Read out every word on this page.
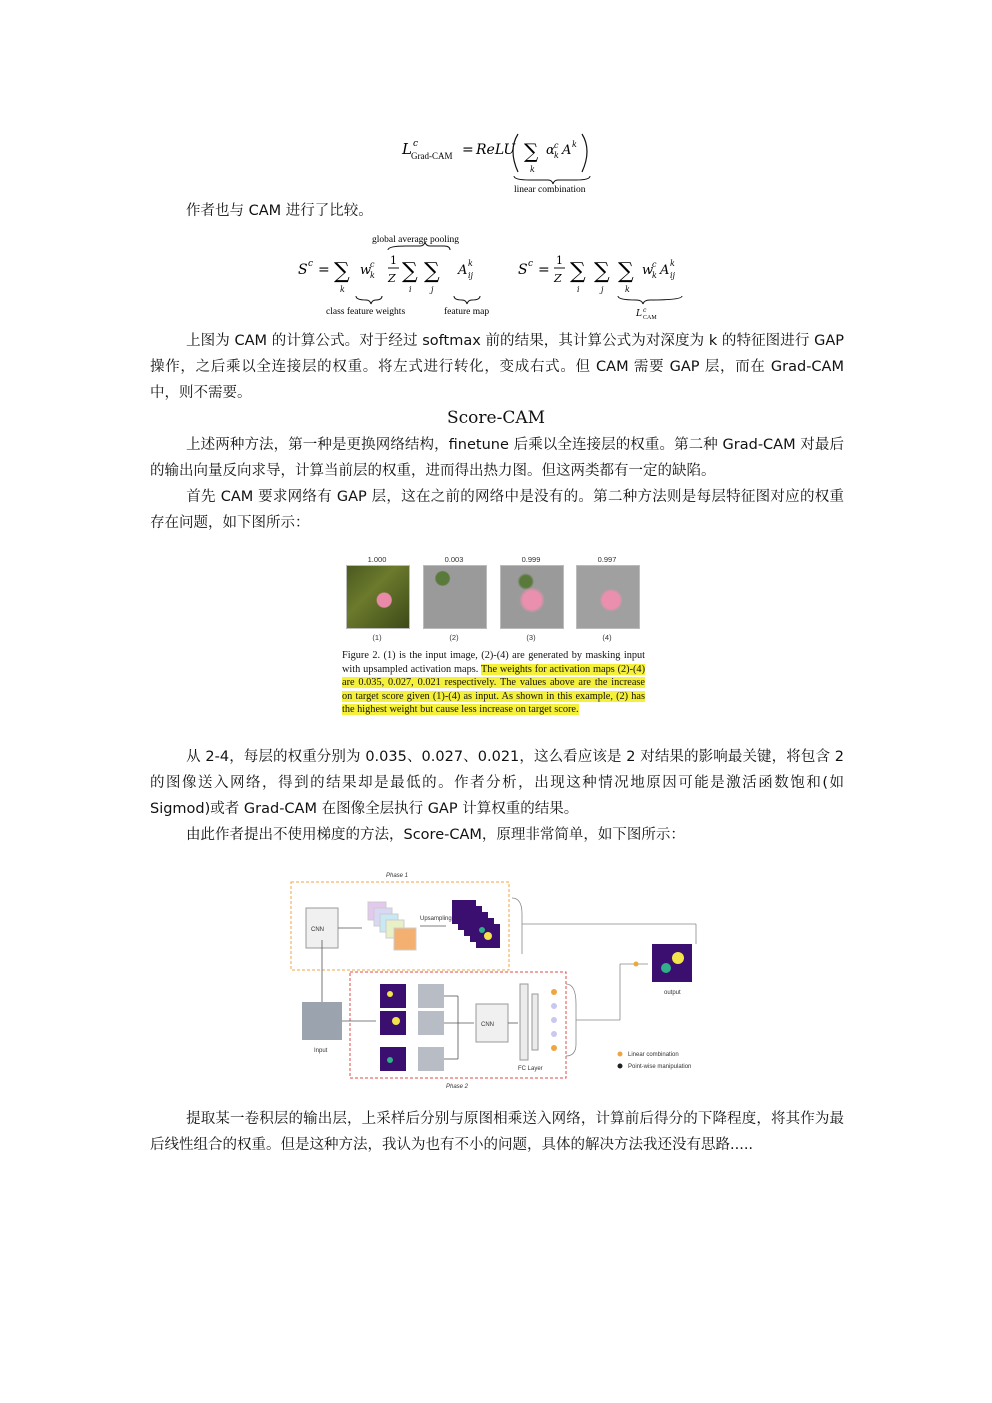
L c
Grad-CAM = ReLU ∑
k
α c
k A k
linear combination
作者也与 CAM 进行了比较。
global average pooling
S c = ∑
k
w
c
k
1
Z ∑
i
∑
j
A k
ij
class feature weights	feature map
S c =
1
Z ∑
i
∑
j
∑
k
w
c
k A k
ij
L c
CAM
上图为 CAM 的计算公式。对于经过 softmax 前的结果，其计算公式为对深度为 k 的特征图进行 GAP 操作，之后乘以全连接层的权重。将左式进行转化，变成右式。但 CAM 需要 GAP 层，而在 Grad-CAM 中，则不需要。
Score-CAM
上述两种方法，第一种是更换网络结构，finetune 后乘以全连接层的权重。第二种 Grad-CAM 对最后的输出向量反向求导，计算当前层的权重，进而得出热力图。但这两类都有一定的缺陷。
首先 CAM 要求网络有 GAP 层，这在之前的网络中是没有的。第二种方法则是每层特征图对应的权重存在问题，如下图所示：
1.000	0.003	0.999	0.997
(1)	(2)	(3)	(4)
Figure 2. (1) is the input image, (2)-(4) are generated by masking input with upsampled activation maps. The weights for activation maps (2)-(4) are 0.035, 0.027, 0.021 respectively. The values above are the increase on target score given (1)-(4) as input. As shown in this example, (2) has the highest weight but cause less increase on target score.
从 2-4，每层的权重分别为 0.035、0.027、0.021，这么看应该是 2 对结果的影响最关键，将包含 2 的图像送入网络，得到的结果却是最低的。作者分析，出现这种情况地原因可能是激活函数饱和(如 Sigmod)或者 Grad-CAM 在图像全层执行 GAP 计算权重的结果。
由此作者提出不使用梯度的方法，Score-CAM，原理非常简单，如下图所示：
Phase 1
CNN
Upsampling
Phase 2
Input
CNN
FC Layer
output
Linear combination
Point-wise manipulation
提取某一卷积层的输出层，上采样后分别与原图相乘送入网络，计算前后得分的下降程度，将其作为最后线性组合的权重。但是这种方法，我认为也有不小的问题，具体的解决方法我还没有思路.....
